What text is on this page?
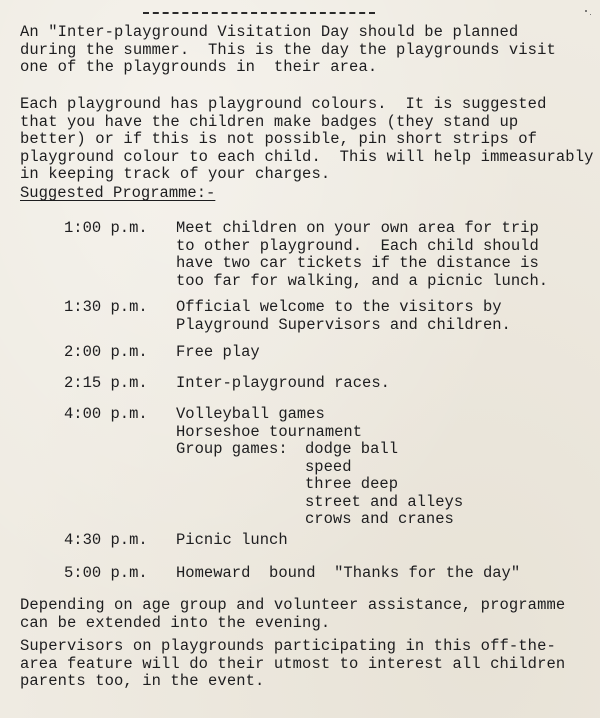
An "Inter-playground Visitation Day should be planned
during the summer.  This is the day the playgrounds visit
one of the playgrounds in  their area.
Each playground has playground colours.  It is suggested
that you have the children make badges (they stand up
better) or if this is not possible, pin short strips of
playground colour to each child.  This will help immeasurably
in keeping track of your charges.
Suggested Programme:-
1:00 p.m. Meet children on your own area for trip
to other playground.  Each child should
have two car tickets if the distance is
too far for walking, and a picnic lunch.
1:30 p.m. Official welcome to the visitors by
Playground Supervisors and children.
2:00 p.m. Free play
2:15 p.m. Inter-playground races.
4:00 p.m. Volleyball games
Horseshoe tournament
Group games:	dodge ball
speed
three deep
street and alleys
crows and cranes
4:30 p.m. Picnic lunch
5:00 p.m. Homeward  bound  "Thanks for the day"
Depending on age group and volunteer assistance, programme
can be extended into the evening.
Supervisors on playgrounds participating in this off-the-
area feature will do their utmost to interest all children
parents too, in the event.
